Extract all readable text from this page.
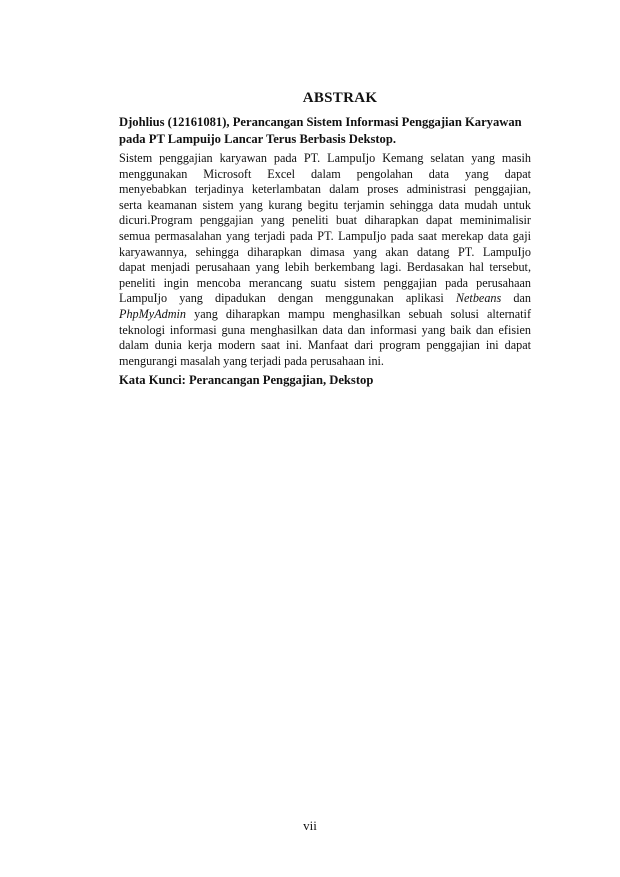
ABSTRAK
Djohlius (12161081), Perancangan Sistem Informasi Penggajian Karyawan
pada PT Lampuijo Lancar Terus Berbasis Dekstop.
Sistem penggajian karyawan pada PT. LampuIjo Kemang selatan yang masih
menggunakan Microsoft Excel dalam pengolahan data yang dapat
menyebabkan terjadinya keterlambatan dalam proses administrasi penggajian,
serta keamanan sistem yang kurang begitu terjamin sehingga data mudah untuk
dicuri.Program penggajian yang peneliti buat diharapkan dapat meminimalisir
semua permasalahan yang terjadi pada PT. LampuIjo pada saat merekap data gaji
karyawannya, sehingga diharapkan dimasa yang akan datang PT. LampuIjo
dapat menjadi perusahaan yang lebih berkembang lagi. Berdasakan hal tersebut,
peneliti ingin mencoba merancang suatu sistem penggajian pada perusahaan
LampuIjo yang dipadukan dengan menggunakan aplikasi Netbeans dan
PhpMyAdmin yang diharapkan mampu menghasilkan sebuah solusi alternatif
teknologi informasi guna menghasilkan data dan informasi yang baik dan efisien
dalam dunia kerja modern saat ini. Manfaat dari program penggajian ini dapat
mengurangi masalah yang terjadi pada perusahaan ini.
Kata Kunci: Perancangan Penggajian, Dekstop
vii
